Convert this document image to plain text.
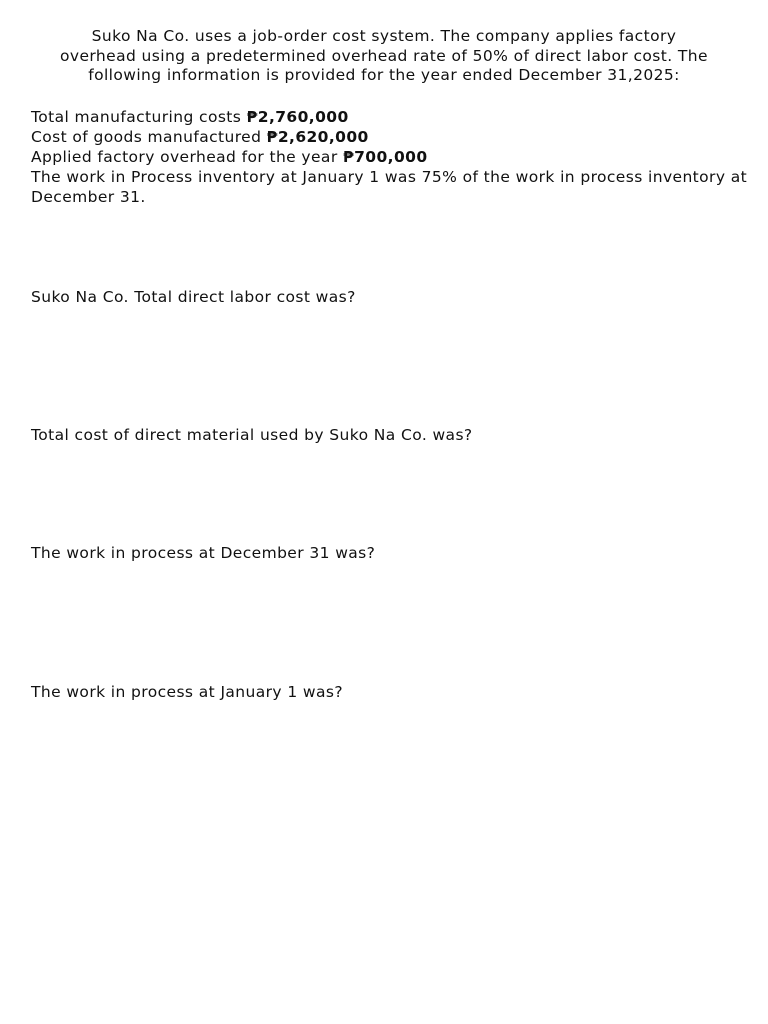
Suko Na Co. uses a job-order cost system. The company applies factory

overhead using a predetermined overhead rate of 50% of direct labor cost. The

following information is provided for the year ended December 31,2025:

Total manufacturing costs ₱2,760,000

Cost of goods manufactured ₱2,620,000

Applied factory overhead for the year ₱700,000

The work in Process inventory at January 1 was 75% of the work in process inventory at December 31.

Suko Na Co. Total direct labor cost was?

Total cost of direct material used by Suko Na Co. was?

The work in process at December 31 was?

The work in process at January 1 was?
